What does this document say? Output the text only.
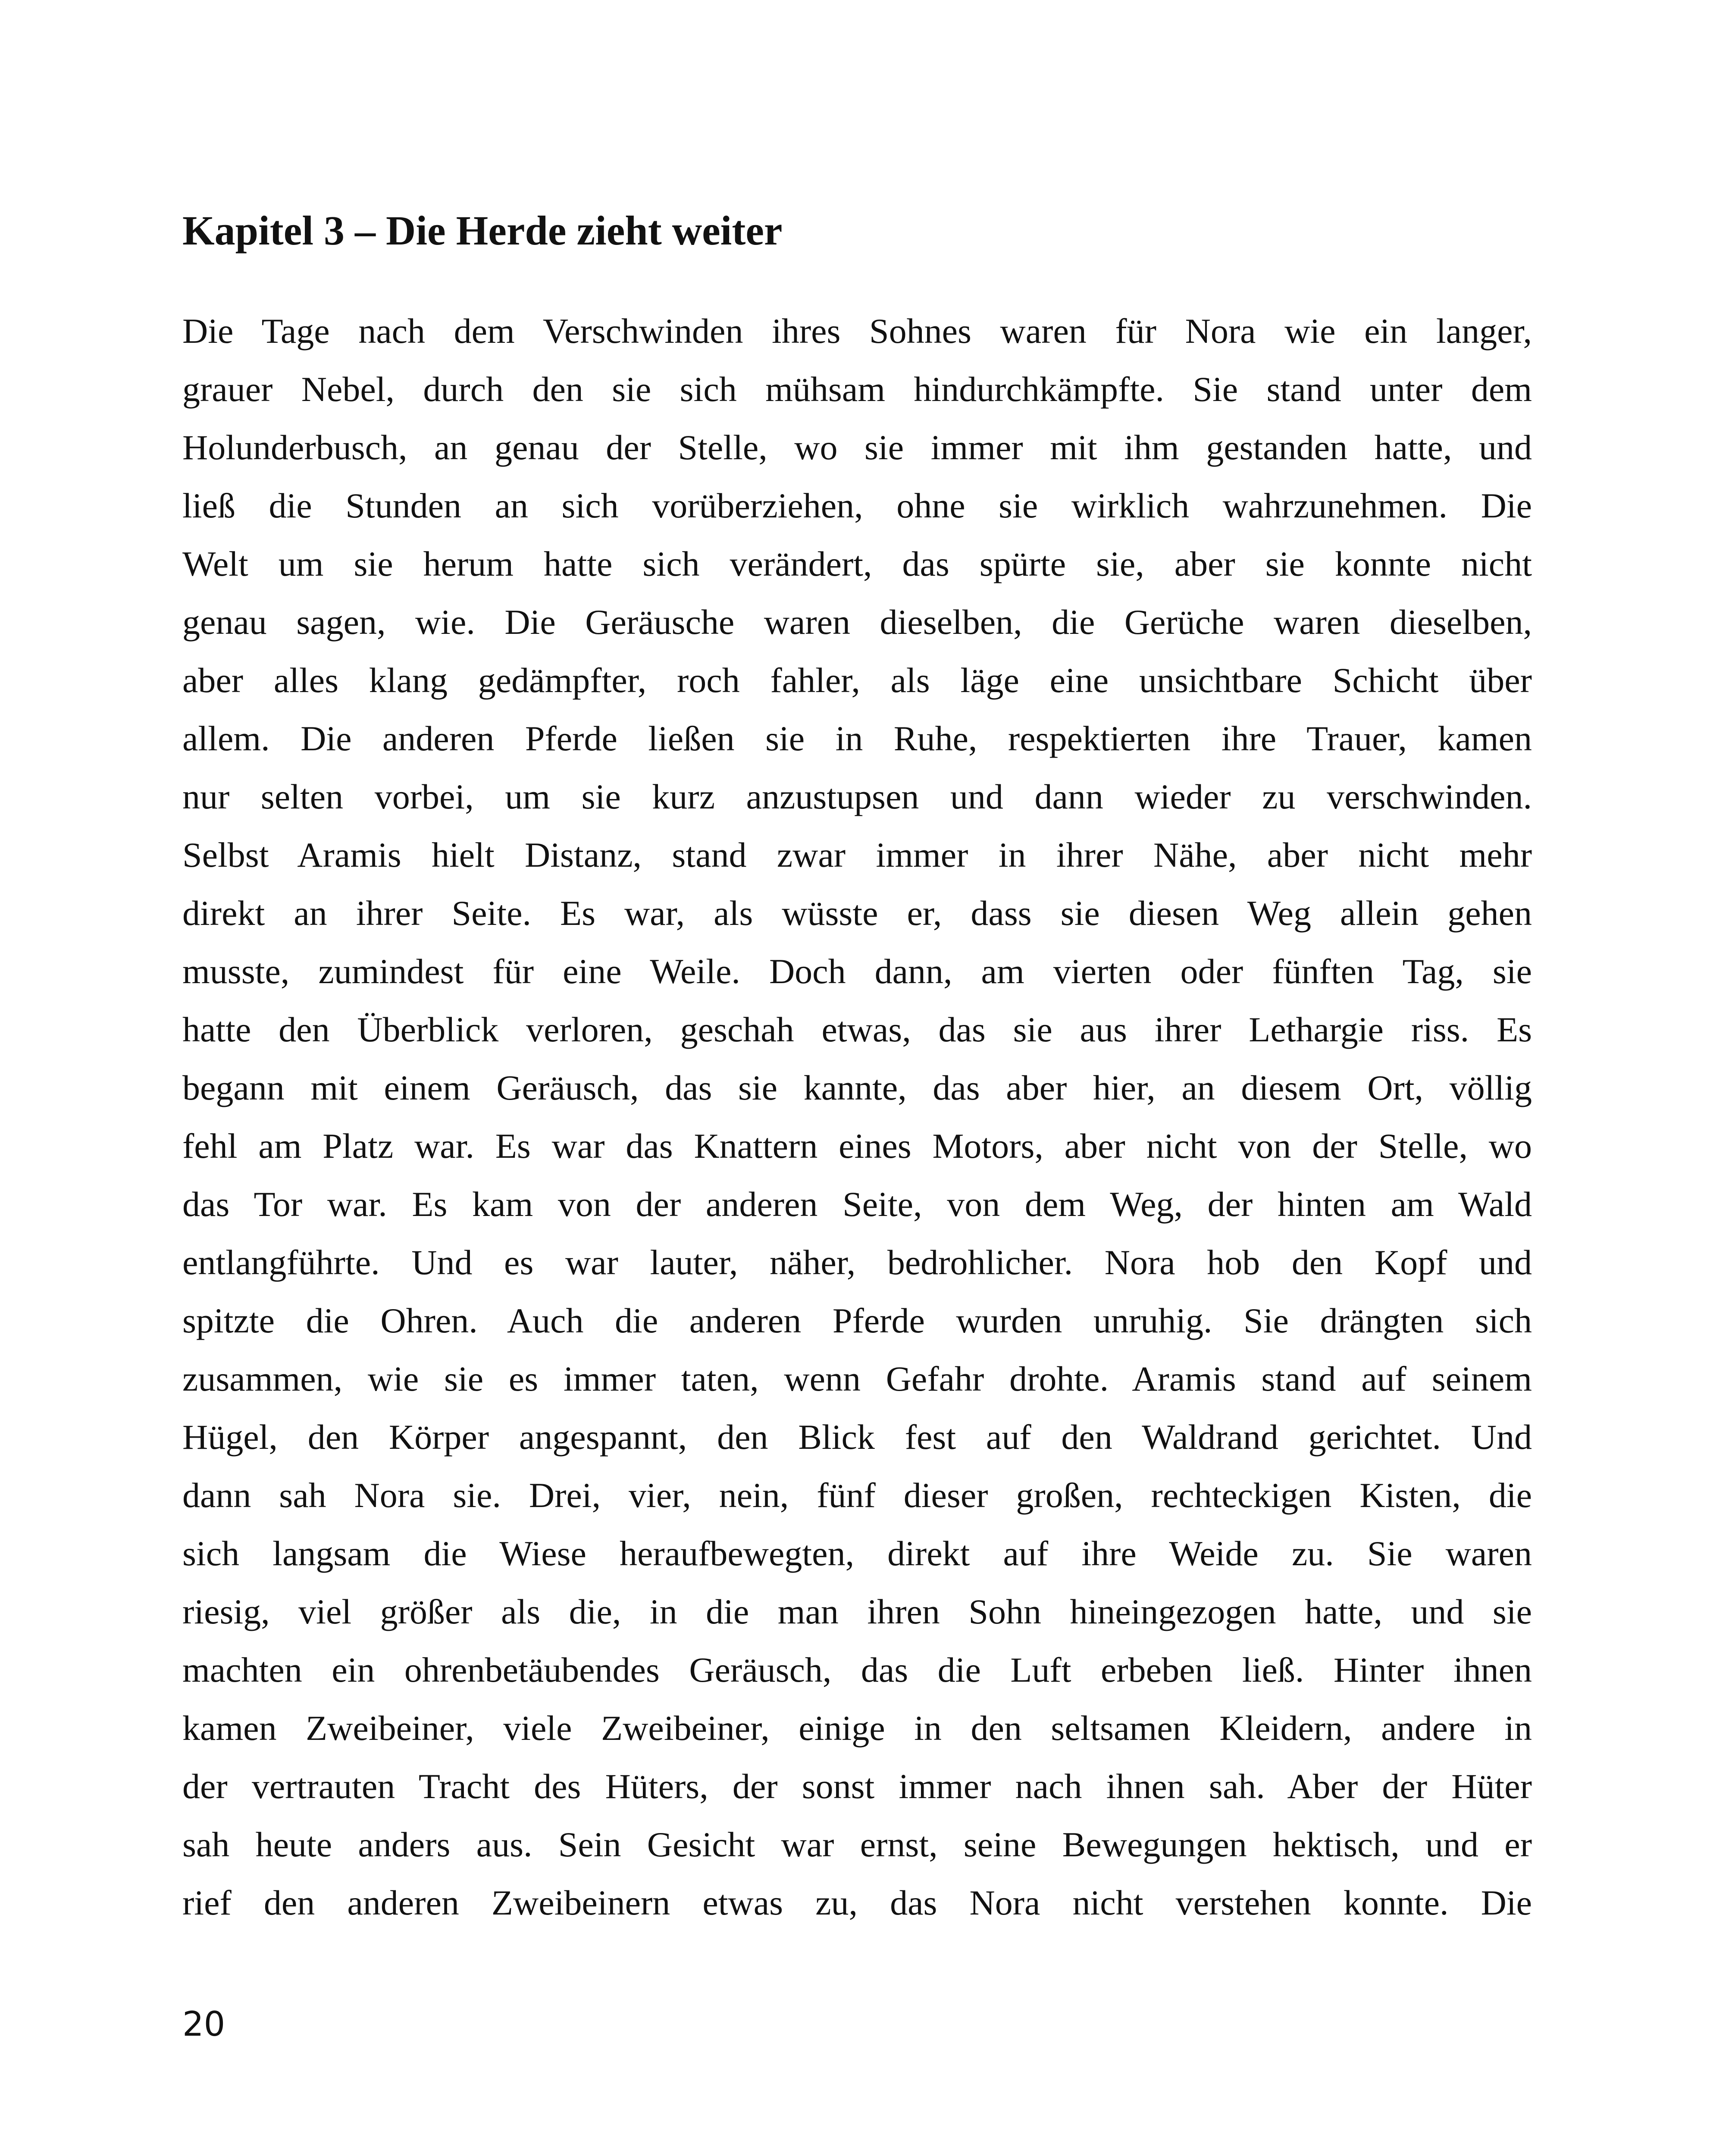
Kapitel 3 – Die Herde zieht weiter
Die Tage nach dem Verschwinden ihres Sohnes waren für Nora wie ein langer,
grauer Nebel, durch den sie sich mühsam hindurchkämpfte. Sie stand unter dem
Holunderbusch, an genau der Stelle, wo sie immer mit ihm gestanden hatte, und
ließ die Stunden an sich vorüberziehen, ohne sie wirklich wahrzunehmen. Die
Welt um sie herum hatte sich verändert, das spürte sie, aber sie konnte nicht
genau sagen, wie. Die Geräusche waren dieselben, die Gerüche waren dieselben,
aber alles klang gedämpfter, roch fahler, als läge eine unsichtbare Schicht über
allem. Die anderen Pferde ließen sie in Ruhe, respektierten ihre Trauer, kamen
nur selten vorbei, um sie kurz anzustupsen und dann wieder zu verschwinden.
Selbst Aramis hielt Distanz, stand zwar immer in ihrer Nähe, aber nicht mehr
direkt an ihrer Seite. Es war, als wüsste er, dass sie diesen Weg allein gehen
musste, zumindest für eine Weile. Doch dann, am vierten oder fünften Tag, sie
hatte den Überblick verloren, geschah etwas, das sie aus ihrer Lethargie riss. Es
begann mit einem Geräusch, das sie kannte, das aber hier, an diesem Ort, völlig
fehl am Platz war. Es war das Knattern eines Motors, aber nicht von der Stelle, wo
das Tor war. Es kam von der anderen Seite, von dem Weg, der hinten am Wald
entlangführte. Und es war lauter, näher, bedrohlicher. Nora hob den Kopf und
spitzte die Ohren. Auch die anderen Pferde wurden unruhig. Sie drängten sich
zusammen, wie sie es immer taten, wenn Gefahr drohte. Aramis stand auf seinem
Hügel, den Körper angespannt, den Blick fest auf den Waldrand gerichtet. Und
dann sah Nora sie. Drei, vier, nein, fünf dieser großen, rechteckigen Kisten, die
sich langsam die Wiese heraufbewegten, direkt auf ihre Weide zu. Sie waren
riesig, viel größer als die, in die man ihren Sohn hineingezogen hatte, und sie
machten ein ohrenbetäubendes Geräusch, das die Luft erbeben ließ. Hinter ihnen
kamen Zweibeiner, viele Zweibeiner, einige in den seltsamen Kleidern, andere in
der vertrauten Tracht des Hüters, der sonst immer nach ihnen sah. Aber der Hüter
sah heute anders aus. Sein Gesicht war ernst, seine Bewegungen hektisch, und er
rief den anderen Zweibeinern etwas zu, das Nora nicht verstehen konnte. Die
20
